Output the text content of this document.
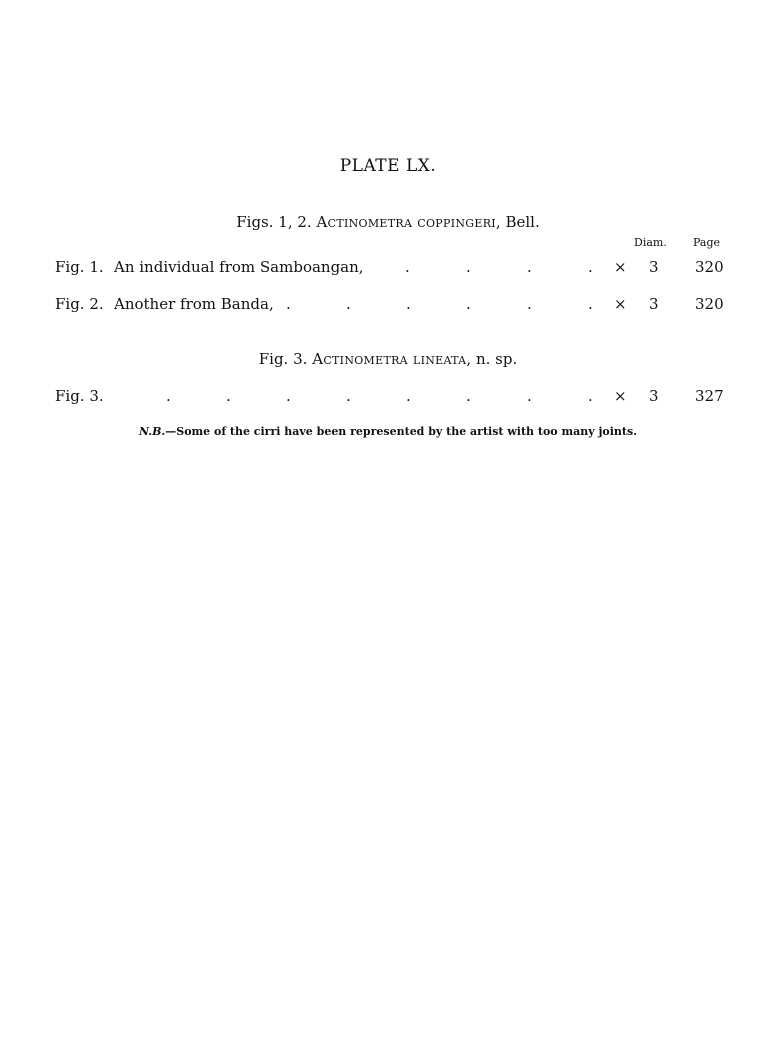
PLATE LX.
Figs. 1, 2. Actinometra coppingeri, Bell.
Diam. Page
Fig. 1. An individual from Samboangan,	.	.	.	. × 3 320
Fig. 2. Another from Banda, .	.	.	.	.	. × 3 320
Fig. 3. Actinometra lineata, n. sp.
Fig. 3.	.	.	.	.	.	.	.	. × 3 327
N.B.—Some of the cirri have been represented by the artist with too many joints.
